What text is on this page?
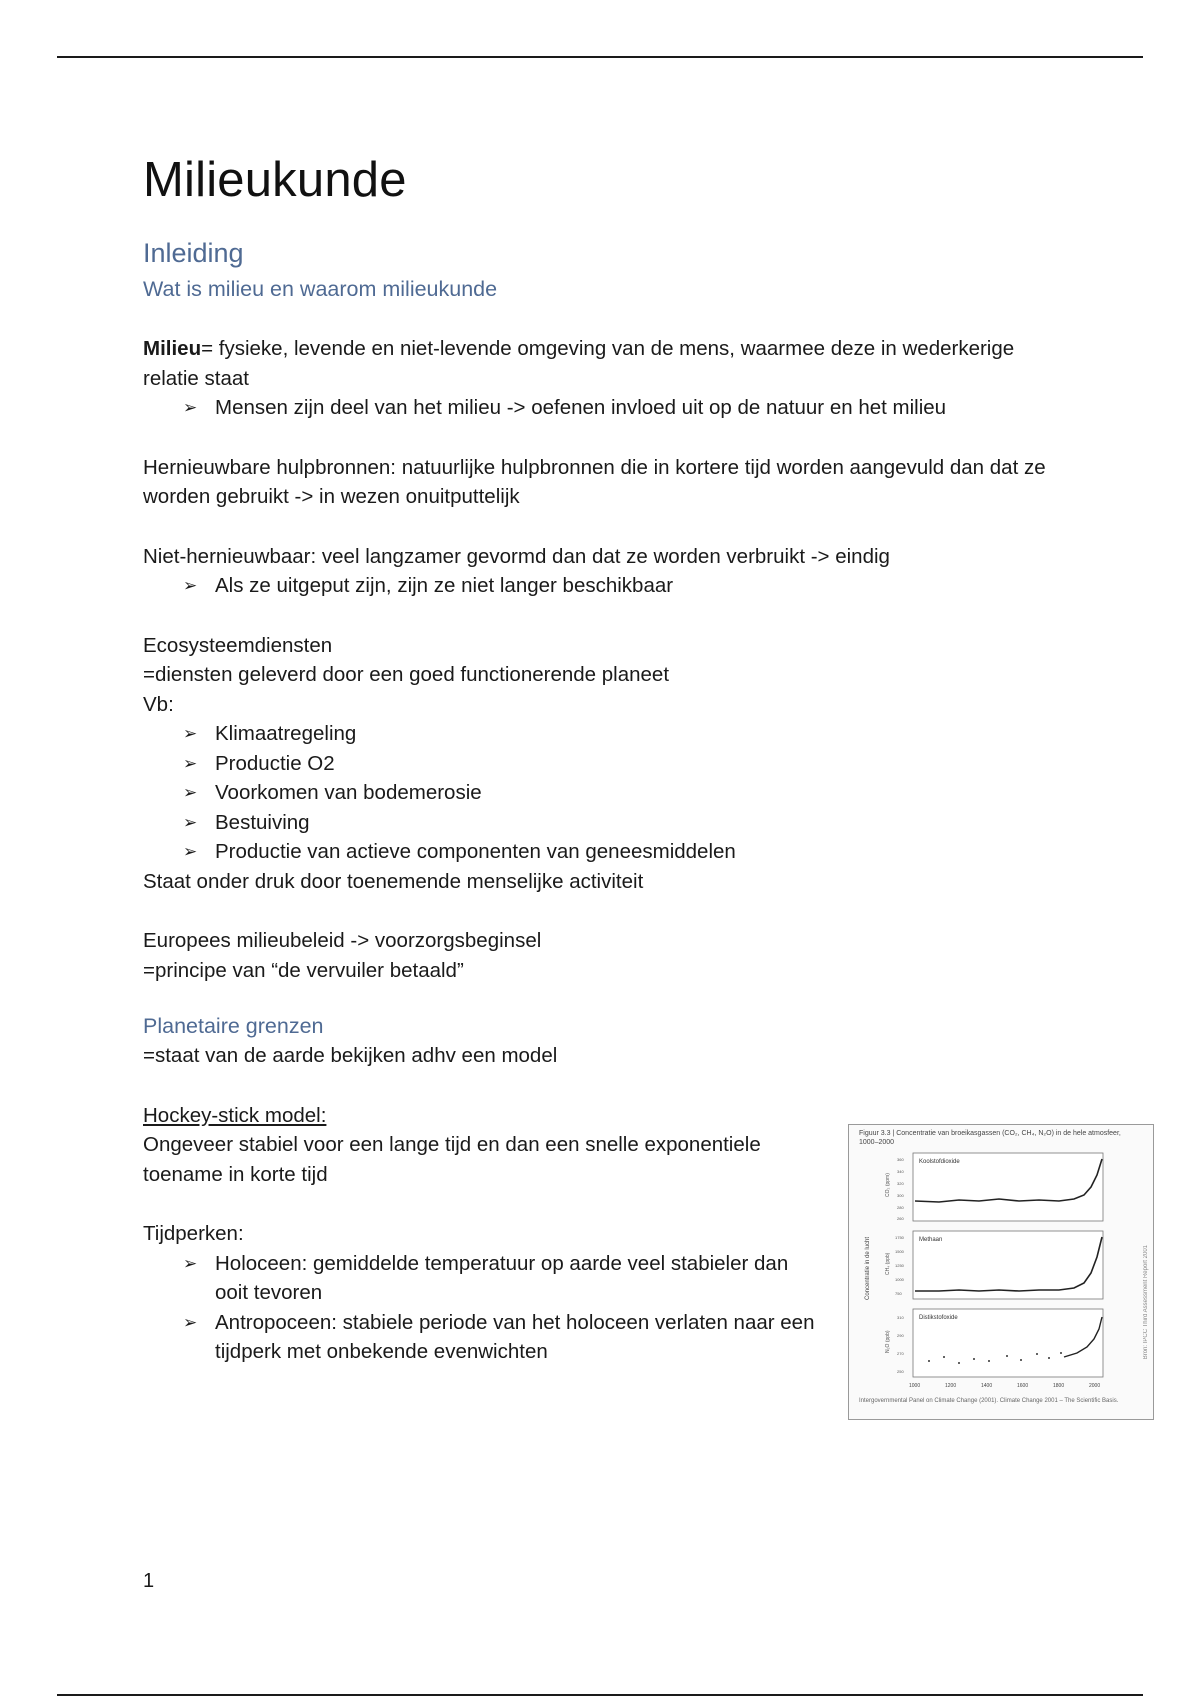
Milieukunde
Inleiding
Wat is milieu en waarom milieukunde

Milieu= fysieke, levende en niet-levende omgeving van de mens, waarmee deze in wederkerige relatie staat

➢ Mensen zijn deel van het milieu -> oefenen invloed uit op de natuur en het milieu

Hernieuwbare hulpbronnen: natuurlijke hulpbronnen die in kortere tijd worden aangevuld dan dat ze worden gebruikt -> in wezen onuitputtelijk

Niet-hernieuwbaar: veel langzamer gevormd dan dat ze worden verbruikt -> eindig

➢ Als ze uitgeput zijn, zijn ze niet langer beschikbaar

Ecosysteemdiensten

=diensten geleverd door een goed functionerende planeet

Vb:

➢ Klimaatregeling
➢ Productie O2
➢ Voorkomen van bodemerosie
➢ Bestuiving
➢ Productie van actieve componenten van geneesmiddelen

Staat onder druk door toenemende menselijke activiteit

Europees milieubeleid -> voorzorgsbeginsel

=principe van “de vervuiler betaald”

Planetaire grenzen

=staat van de aarde bekijken adhv een model

Hockey-stick model:

Ongeveer stabiel voor een lange tijd en dan een snelle exponentiele toename in korte tijd

Tijdperken:

➢ Holoceen: gemiddelde temperatuur op aarde veel stabieler dan ooit tevoren
➢ Antropoceen: stabiele periode van het holoceen verlaten naar een tijdperk met onbekende evenwichten
Figuur 3.3 | Concentratie van broeikasgassen (CO₂, CH₄, N₂O) in de hele atmosfeer, 1000–2000
Concentratie in de lucht
Koolstofdioxide
CO₂ (ppm)
Methaan
CH₄ (ppb)
Distikstofoxide
N₂O (ppb)
1000	1200	1400	1600	1800	2000
360
340
320
300
280
260
1750
1500
1250
1000
750
310
290
270
250
Bron: IPCC Third Assessment Report 2001
Intergovernmental Panel on Climate Change (2001). Climate Change 2001 – The Scientific Basis.
1
